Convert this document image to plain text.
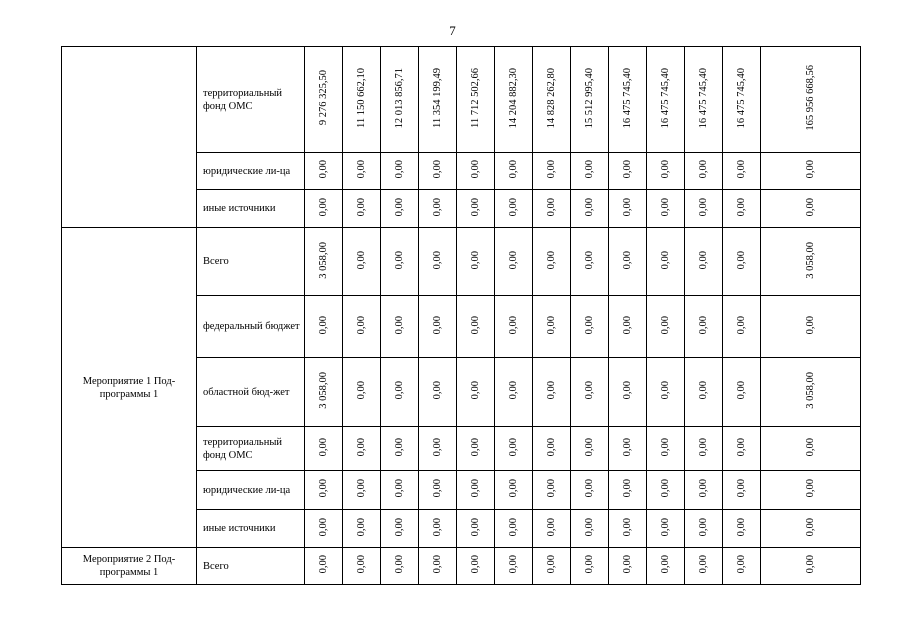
7
	территориальный фонд ОМС	9 276 325,50	11 150 662,10	12 013 856,71	11 354 199,49	11 712 502,66	14 204 882,30	14 828 262,80	15 512 995,40	16 475 745,40	16 475 745,40	16 475 745,40	16 475 745,40	165 956 668,56
	юридические ли-ца	0,00	0,00	0,00	0,00	0,00	0,00	0,00	0,00	0,00	0,00	0,00	0,00	0,00
	иные источники	0,00	0,00	0,00	0,00	0,00	0,00	0,00	0,00	0,00	0,00	0,00	0,00	0,00
Мероприятие 1 Под-программы 1	Всего	3 058,00	0,00	0,00	0,00	0,00	0,00	0,00	0,00	0,00	0,00	0,00	0,00	3 058,00
	федеральный бюджет	0,00	0,00	0,00	0,00	0,00	0,00	0,00	0,00	0,00	0,00	0,00	0,00	0,00
	областной бюд-жет	3 058,00	0,00	0,00	0,00	0,00	0,00	0,00	0,00	0,00	0,00	0,00	0,00	3 058,00
	территориальный фонд ОМС	0,00	0,00	0,00	0,00	0,00	0,00	0,00	0,00	0,00	0,00	0,00	0,00	0,00
	юридические ли-ца	0,00	0,00	0,00	0,00	0,00	0,00	0,00	0,00	0,00	0,00	0,00	0,00	0,00
	иные источники	0,00	0,00	0,00	0,00	0,00	0,00	0,00	0,00	0,00	0,00	0,00	0,00	0,00
Мероприятие 2 Под-программы 1	Всего	0,00	0,00	0,00	0,00	0,00	0,00	0,00	0,00	0,00	0,00	0,00	0,00	0,00
